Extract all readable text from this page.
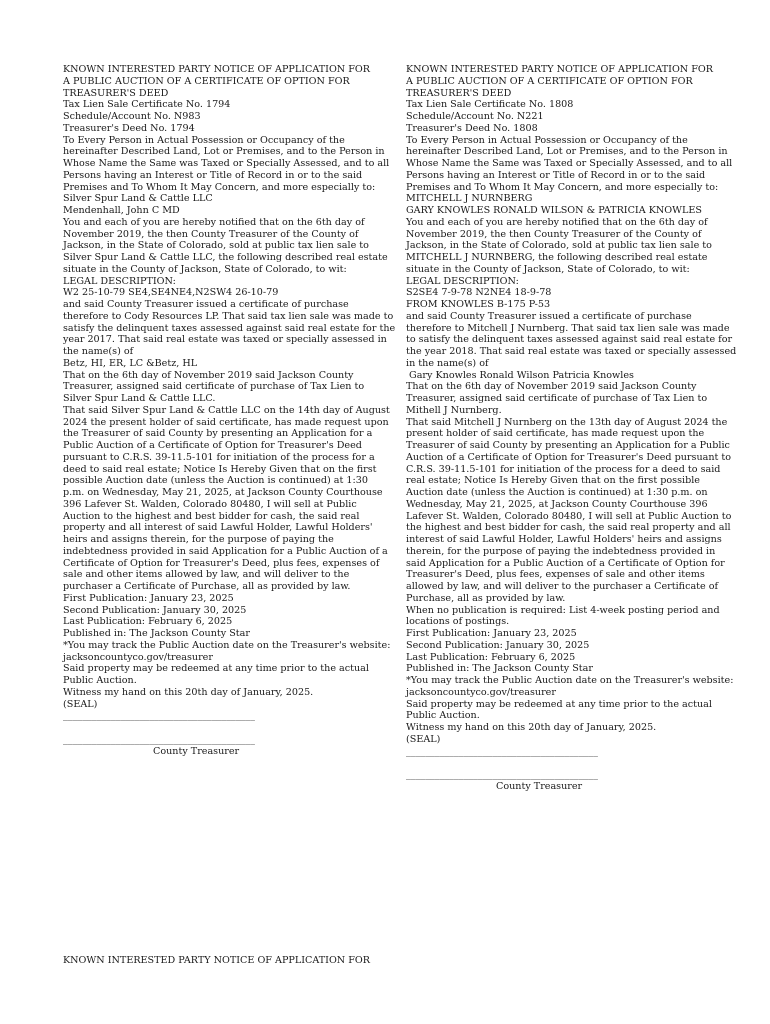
KNOWN INTERESTED PARTY NOTICE OF APPLICATION FOR

A PUBLIC AUCTION OF A CERTIFICATE OF OPTION FOR

TREASURER'S DEED

Tax Lien Sale Certificate No. 1794

Schedule/Account No. N983

Treasurer's Deed No. 1794

To Every Person in Actual Possession or Occupancy of the

hereinafter Described Land, Lot or Premises, and to the Person in

Whose Name the Same was Taxed or Specially Assessed, and to all

Persons having an Interest or Title of Record in or to the said

Premises and To Whom It May Concern, and more especially to:

Silver Spur Land & Cattle LLC

Mendenhall, John C MD

You and each of you are hereby notified that on the 6th day of

November 2019, the then County Treasurer of the County of

Jackson, in the State of Colorado, sold at public tax lien sale to

Silver Spur Land & Cattle LLC, the following described real estate

situate in the County of Jackson, State of Colorado, to wit:

LEGAL DESCRIPTION:

W2 25-10-79 SE4,SE4NE4,N2SW4 26-10-79

and said County Treasurer issued a certificate of purchase

therefore to Cody Resources LP. That said tax lien sale was made to

satisfy the delinquent taxes assessed against said real estate for the

year 2017. That said real estate was taxed or specially assessed in

the name(s) of

Betz, HI, ER, LC &Betz, HL

That on the 6th day of November 2019 said Jackson County

Treasurer, assigned said certificate of purchase of Tax Lien to

Silver Spur Land & Cattle LLC.

That said Silver Spur Land & Cattle LLC on the 14th day of August

2024 the present holder of said certificate, has made request upon

the Treasurer of said County by presenting an Application for a

Public Auction of a Certificate of Option for Treasurer's Deed

pursuant to C.R.S. 39-11.5-101 for initiation of the process for a

deed to said real estate; Notice Is Hereby Given that on the first

possible Auction date (unless the Auction is continued) at 1:30

p.m. on Wednesday, May 21, 2025, at Jackson County Courthouse

396 Lafever St. Walden, Colorado 80480, I will sell at Public

Auction to the highest and best bidder for cash, the said real

property and all interest of said Lawful Holder, Lawful Holders'

heirs and assigns therein, for the purpose of paying the

indebtedness provided in said Application for a Public Auction of a

Certificate of Option for Treasurer's Deed, plus fees, expenses of

sale and other items allowed by law, and will deliver to the

purchaser a Certificate of Purchase, all as provided by law.

First Publication: January 23, 2025

Second Publication: January 30, 2025

Last Publication: February 6, 2025

Published in: The Jackson County Star

*You may track the Public Auction date on the Treasurer's website:

jacksoncountyco.gov/treasurer

Said property may be redeemed at any time prior to the actual

Public Auction.

Witness my hand on this 20th day of January, 2025.

(SEAL)

________________________________________

________________________________________

County Treasurer

KNOWN INTERESTED PARTY NOTICE OF APPLICATION FOR

A PUBLIC AUCTION OF A CERTIFICATE OF OPTION FOR

TREASURER'S DEED

Tax Lien Sale Certificate No. 1808

Schedule/Account No. N221

Treasurer's Deed No. 1808

To Every Person in Actual Possession or Occupancy of the

hereinafter Described Land, Lot or Premises, and to the Person in

Whose Name the Same was Taxed or Specially Assessed, and to all

Persons having an Interest or Title of Record in or to the said

Premises and To Whom It May Concern, and more especially to:

MITCHELL J NURNBERG

GARY KNOWLES RONALD WILSON & PATRICIA KNOWLES

You and each of you are hereby notified that on the 6th day of

November 2019, the then County Treasurer of the County of

Jackson, in the State of Colorado, sold at public tax lien sale to

MITCHELL J NURNBERG, the following described real estate

situate in the County of Jackson, State of Colorado, to wit:

LEGAL DESCRIPTION:

S2SE4 7-9-78 N2NE4 18-9-78

FROM KNOWLES B-175 P-53

and said County Treasurer issued a certificate of purchase

therefore to Mitchell J Nurnberg. That said tax lien sale was made

to satisfy the delinquent taxes assessed against said real estate for

the year 2018. That said real estate was taxed or specially assessed

in the name(s) of

Gary Knowles Ronald Wilson Patricia Knowles

That on the 6th day of November 2019 said Jackson County

Treasurer, assigned said certificate of purchase of Tax Lien to

Mithell J Nurnberg.

That said Mitchell J Nurnberg on the 13th day of August 2024 the

present holder of said certificate, has made request upon the

Treasurer of said County by presenting an Application for a Public

Auction of a Certificate of Option for Treasurer's Deed pursuant to

C.R.S. 39-11.5-101 for initiation of the process for a deed to said

real estate; Notice Is Hereby Given that on the first possible

Auction date (unless the Auction is continued) at 1:30 p.m. on

Wednesday, May 21, 2025, at Jackson County Courthouse 396

Lafever St. Walden, Colorado 80480, I will sell at Public Auction to

the highest and best bidder for cash, the said real property and all

interest of said Lawful Holder, Lawful Holders' heirs and assigns

therein, for the purpose of paying the indebtedness provided in

said Application for a Public Auction of a Certificate of Option for

Treasurer's Deed, plus fees, expenses of sale and other items

allowed by law, and will deliver to the purchaser a Certificate of

Purchase, all as provided by law.

When no publication is required: List 4-week posting period and

locations of postings.

First Publication: January 23, 2025

Second Publication: January 30, 2025

Last Publication: February 6, 2025

Published in: The Jackson County Star

*You may track the Public Auction date on the Treasurer's website:

jacksoncountyco.gov/treasurer

Said property may be redeemed at any time prior to the actual

Public Auction.

Witness my hand on this 20th day of January, 2025.

(SEAL)

________________________________________

________________________________________

County Treasurer

KNOWN INTERESTED PARTY NOTICE OF APPLICATION FOR
